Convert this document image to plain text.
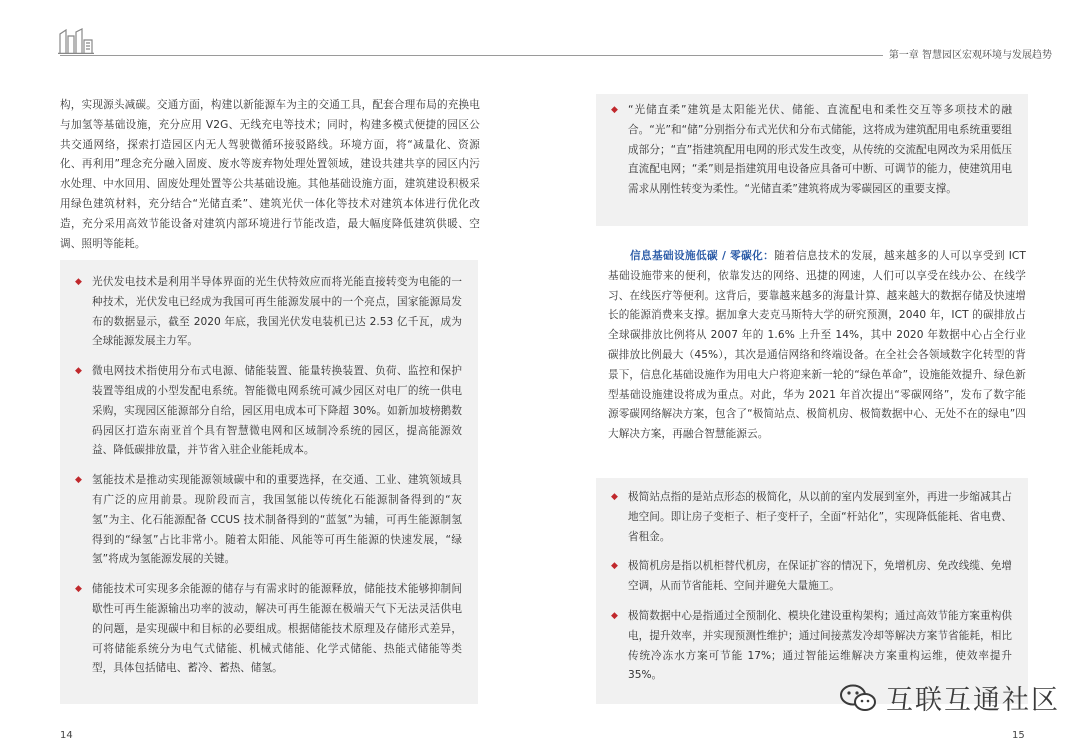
第一章 智慧园区宏观环境与发展趋势

构，实现源头减碳。交通方面，构建以新能源车为主的交通工具，配套合理布局的充换电与加氢等基础设施，充分应用 V2G、无线充电等技术；同时，构建多模式便捷的园区公共交通网络，探索打造园区内无人驾驶微循环接驳路线。环境方面，将“减量化、资源化、再利用”理念充分融入固废、废水等废弃物处理处置领域，建设共建共享的园区内污水处理、中水回用、固废处理处置等公共基础设施。其他基础设施方面，建筑建设积极采用绿色建筑材料，充分结合“光储直柔”、建筑光伏一体化等技术对建筑本体进行优化改造，充分采用高效节能设备对建筑内部环境进行节能改造，最大幅度降低建筑供暖、空调、照明等能耗。

◆ 光伏发电技术是利用半导体界面的光生伏特效应而将光能直接转变为电能的一种技术，光伏发电已经成为我国可再生能源发展中的一个亮点，国家能源局发布的数据显示，截至 2020 年底，我国光伏发电装机已达 2.53 亿千瓦，成为全球能源发展主力军。
◆ 微电网技术指使用分布式电源、储能装置、能量转换装置、负荷、监控和保护装置等组成的小型发配电系统。智能微电网系统可减少园区对电厂的统一供电采购，实现园区能源部分自给，园区用电成本可下降超 30%。如新加坡榜鹅数码园区打造东南亚首个具有智慧微电网和区域制冷系统的园区，提高能源效益、降低碳排放量，并节省入驻企业能耗成本。
◆ 氢能技术是推动实现能源领域碳中和的重要选择，在交通、工业、建筑领域具有广泛的应用前景。现阶段而言，我国氢能以传统化石能源制备得到的“灰氢”为主、化石能源配备 CCUS 技术制备得到的“蓝氢”为辅，可再生能源制氢得到的“绿氢”占比非常小。随着太阳能、风能等可再生能源的快速发展，“绿氢”将成为氢能源发展的关键。
◆ 储能技术可实现多余能源的储存与有需求时的能源释放，储能技术能够抑制间歇性可再生能源输出功率的波动，解决可再生能源在极端天气下无法灵活供电的问题，是实现碳中和目标的必要组成。根据储能技术原理及存储形式差异，可将储能系统分为电气式储能、机械式储能、化学式储能、热能式储能等类型，具体包括储电、蓄冷、蓄热、储氢。
◆ “光储直柔”建筑是太阳能光伏、储能、直流配电和柔性交互等多项技术的融合。“光”和“储”分别指分布式光伏和分布式储能，这将成为建筑配用电系统重要组成部分；“直”指建筑配用电网的形式发生改变，从传统的交流配电网改为采用低压直流配电网；“柔”则是指建筑用电设备应具备可中断、可调节的能力，使建筑用电需求从刚性转变为柔性。“光储直柔”建筑将成为零碳园区的重要支撑。

信息基础设施低碳 / 零碳化：随着信息技术的发展，越来越多的人可以享受到 ICT 基础设施带来的便利，依靠发达的网络、迅捷的网速，人们可以享受在线办公、在线学习、在线医疗等便利。这背后，要靠越来越多的海量计算、越来越大的数据存储及快速增长的能源消费来支撑。据加拿大麦克马斯特大学的研究预测，2040 年，ICT 的碳排放占全球碳排放比例将从 2007 年的 1.6% 上升至 14%，其中 2020 年数据中心占全行业碳排放比例最大（45%），其次是通信网络和终端设备。在全社会各领域数字化转型的背景下，信息化基础设施作为用电大户将迎来新一轮的“绿色革命”，设施能效提升、绿色新型基础设施建设将成为重点。对此，华为 2021 年首次提出“零碳网络”，发布了数字能源零碳网络解决方案，包含了“极简站点、极简机房、极简数据中心、无处不在的绿电”四大解决方案，再融合智慧能源云。

◆ 极简站点指的是站点形态的极简化，从以前的室内发展到室外，再进一步缩减其占地空间。即让房子变柜子、柜子变杆子，全面“杆站化”，实现降低能耗、省电费、省租金。
◆ 极简机房是指以机柜替代机房，在保证扩容的情况下，免增机房、免改线缆、免增空调，从而节省能耗、空间并避免大量施工。
◆ 极简数据中心是指通过全预制化、模块化建设重构架构；通过高效节能方案重构供电，提升效率，并实现预测性维护；通过间接蒸发冷却等解决方案节省能耗，相比传统冷冻水方案可节能 17%；通过智能运维解决方案重构运维，使效率提升 35%。
互联互通社区
14	15
